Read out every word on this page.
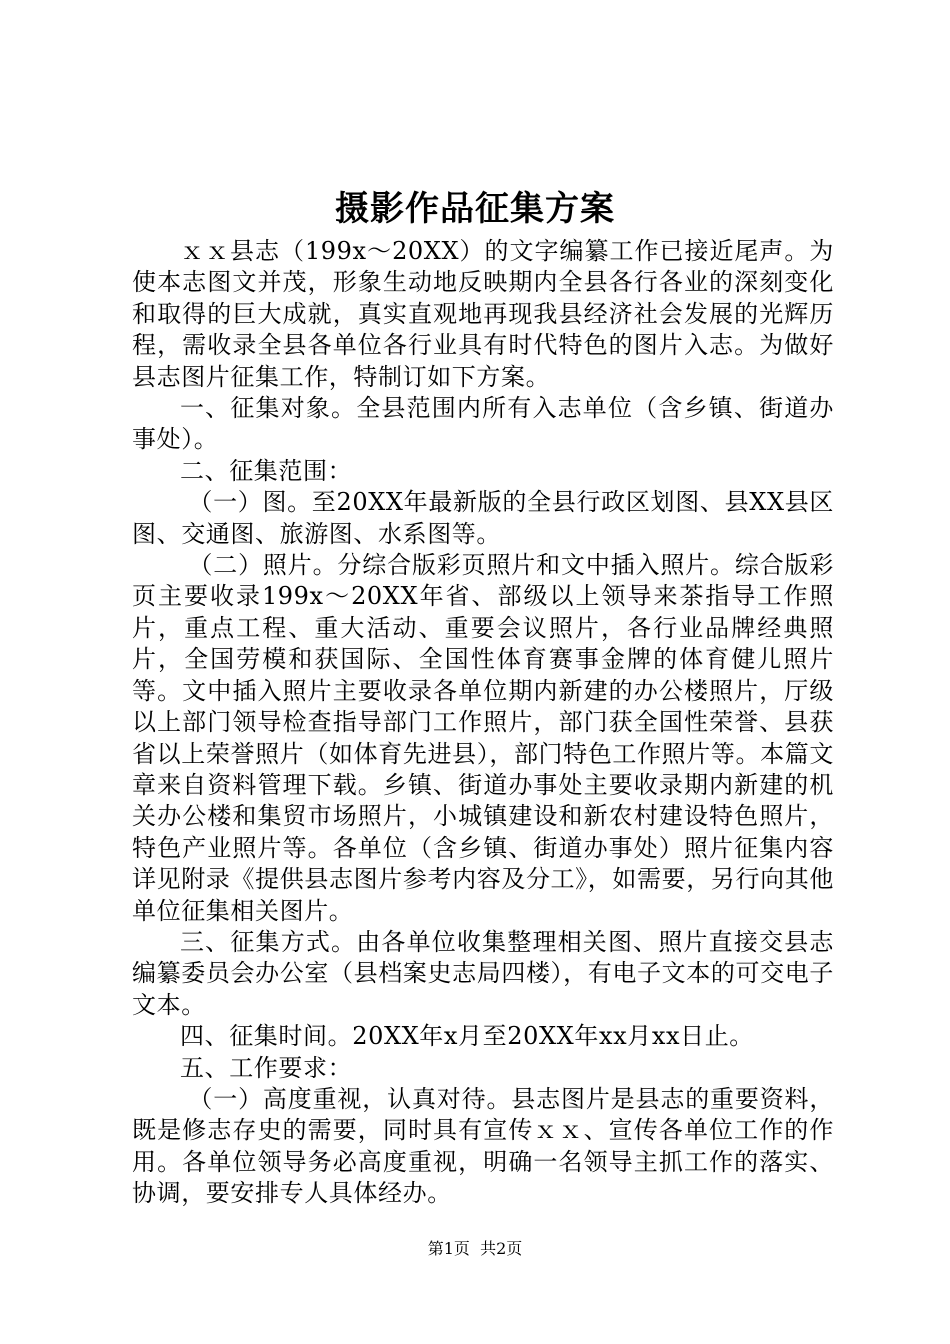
摄影作品征集方案

ｘｘ县志（199x～20XX）的文字编纂工作已接近尾声。为使本志图文并茂，形象生动地反映期内全县各行各业的深刻变化和取得的巨大成就，真实直观地再现我县经济社会发展的光辉历程，需收录全县各单位各行业具有时代特色的图片入志。为做好县志图片征集工作，特制订如下方案。

一、征集对象。全县范围内所有入志单位（含乡镇、街道办事处）。

二、征集范围：

（一）图。至20XX年最新版的全县行政区划图、县XX县区图、交通图、旅游图、水系图等。

（二）照片。分综合版彩页照片和文中插入照片。综合版彩页主要收录199x～20XX年省、部级以上领导来茶指导工作照片，重点工程、重大活动、重要会议照片，各行业品牌经典照片，全国劳模和获国际、全国性体育赛事金牌的体育健儿照片等。文中插入照片主要收录各单位期内新建的办公楼照片，厅级以上部门领导检查指导部门工作照片，部门获全国性荣誉、县获省以上荣誉照片（如体育先进县），部门特色工作照片等。本篇文章来自资料管理下载。乡镇、街道办事处主要收录期内新建的机关办公楼和集贸市场照片，小城镇建设和新农村建设特色照片，特色产业照片等。各单位（含乡镇、街道办事处）照片征集内容详见附录《提供县志图片参考内容及分工》，如需要，另行向其他单位征集相关图片。

三、征集方式。由各单位收集整理相关图、照片直接交县志编纂委员会办公室（县档案史志局四楼），有电子文本的可交电子文本。

四、征集时间。20XX年x月至20XX年xx月xx日止。

五、工作要求：

（一）高度重视，认真对待。县志图片是县志的重要资料，既是修志存史的需要，同时具有宣传ｘｘ、宣传各单位工作的作用。各单位领导务必高度重视，明确一名领导主抓工作的落实、协调，要安排专人具体经办。

第1页 共2页
